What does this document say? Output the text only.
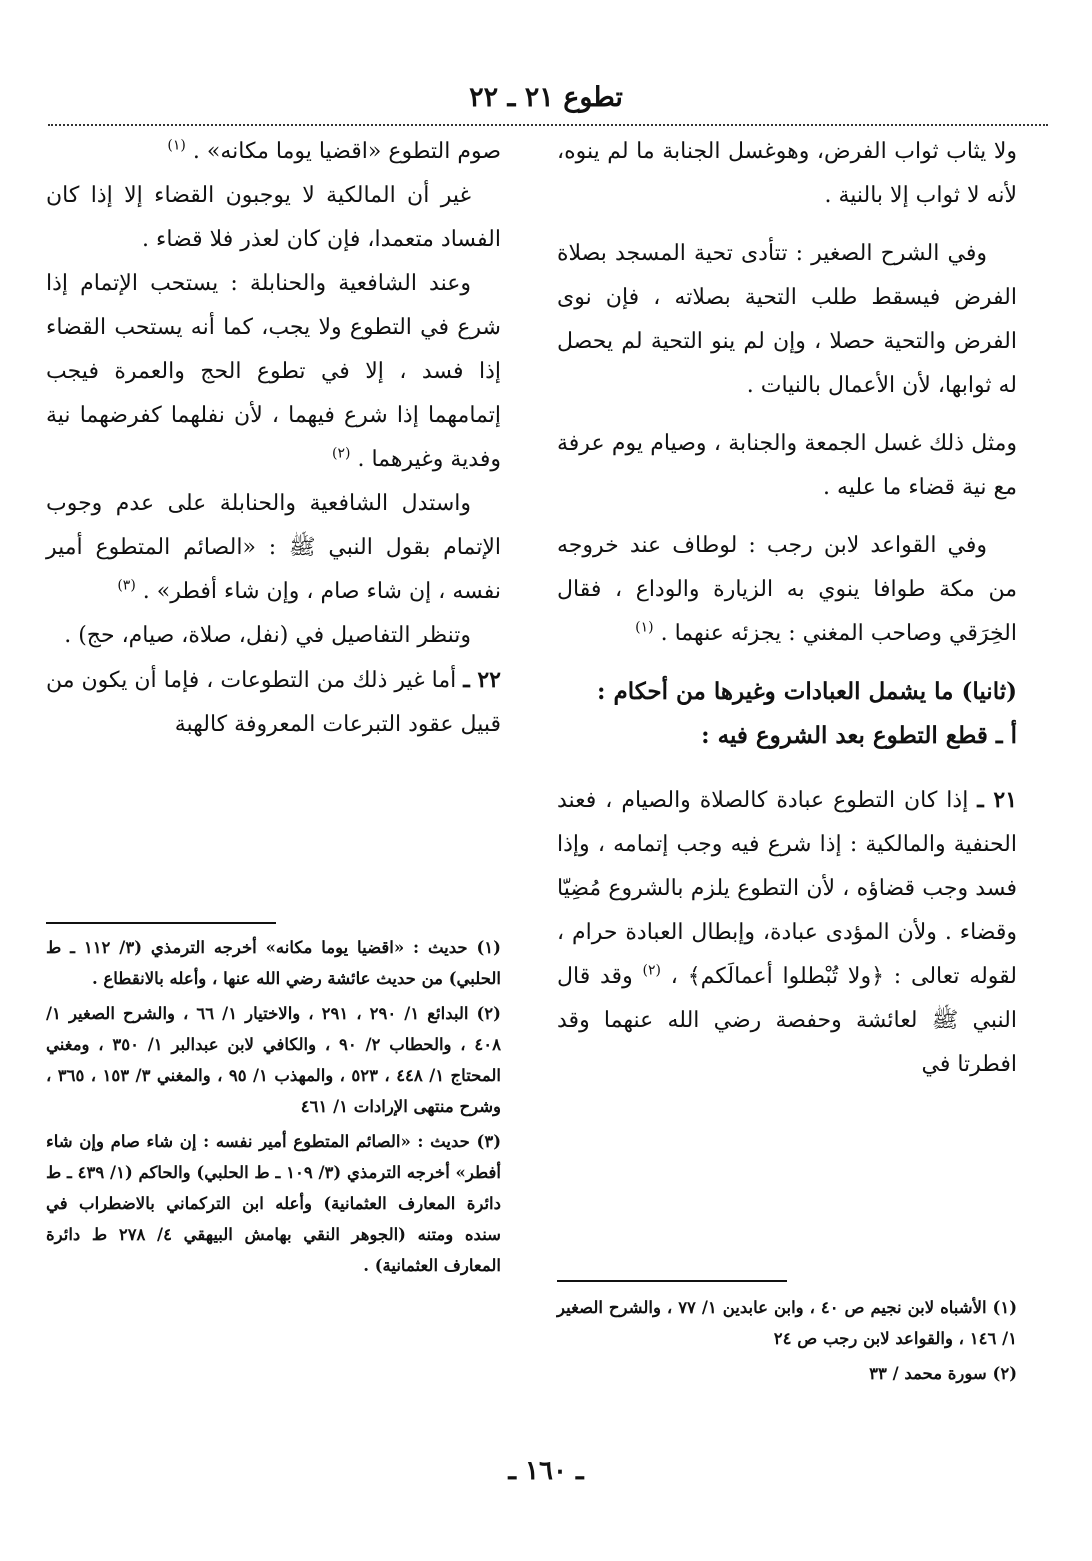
تطوع ٢١ ـ ٢٢

ولا يثاب ثواب الفرض، وهوغسل الجنابة ما لم ينوه، لأنه لا ثواب إلا بالنية .

وفي الشرح الصغير : تتأدى تحية المسجد بصلاة الفرض فيسقط طلب التحية بصلاته ، فإن نوى الفرض والتحية حصلا ، وإن لم ينو التحية لم يحصل له ثوابها، لأن الأعمال بالنيات .

ومثل ذلك غسل الجمعة والجنابة ، وصيام يوم عرفة مع نية قضاء ما عليه .

وفي القواعد لابن رجب : لوطاف عند خروجه من مكة طوافا ينوي به الزيارة والوداع ، فقال الخِرَقي وصاحب المغني : يجزئه عنهما . $^{(١)}$

(ثانيا) ما يشمل العبادات وغيرها من أحكام :
أ ـ قطع التطوع بعد الشروع فيه :

٢١ ـ إذا كان التطوع عبادة كالصلاة والصيام ، فعند الحنفية والمالكية : إذا شرع فيه وجب إتمامه ، وإذا فسد وجب قضاؤه ، لأن التطوع يلزم بالشروع مُضِيّا وقضاء . ولأن المؤدى عبادة، وإبطال العبادة حرام ، لقوله تعالى : ﴿ولا تُبْطلوا أعمالَكم﴾ ، $^{(٢)}$ وقد قال النبي ﷺ لعائشة وحفصة رضي الله عنهما وقد افطرتا في

صوم التطوع «اقضيا يوما مكانه» . $^{(١)}$

غير أن المالكية لا يوجبون القضاء إلا إذا كان الفساد متعمدا، فإن كان لعذر فلا قضاء .

وعند الشافعية والحنابلة : يستحب الإتمام إذا شرع في التطوع ولا يجب، كما أنه يستحب القضاء إذا فسد ، إلا في تطوع الحج والعمرة فيجب إتمامهما إذا شرع فيهما ، لأن نفلهما كفرضهما نية وفدية وغيرهما . $^{(٢)}$

واستدل الشافعية والحنابلة على عدم وجوب الإتمام بقول النبي ﷺ : «الصائم المتطوع أمير نفسه ، إن شاء صام ، وإن شاء أفطر» . $^{(٣)}$

وتنظر التفاصيل في (نفل، صلاة، صيام، حج) .

٢٢ ـ أما غير ذلك من التطوعات ، فإما أن يكون من قبيل عقود التبرعات المعروفة كالهبة

(١) حديث : «اقضيا يوما مكانه» أخرجه الترمذي (٣/ ١١٢ ـ ط الحلبي) من حديث عائشة رضي الله عنها ، وأعله بالانقطاع .

(٢) البدائع ١/ ٢٩٠ ، ٢٩١ ، والاختيار ١/ ٦٦ ، والشرح الصغير ١/ ٤٠٨ ، والحطاب ٢/ ٩٠ ، والكافي لابن عبدالبر ١/ ٣٥٠ ، ومغني المحتاج ١/ ٤٤٨ ، ٥٢٣ ، والمهذب ١/ ٩٥ ، والمغني ٣/ ١٥٣ ، ٣٦٥ ، وشرح منتهى الإرادات ١/ ٤٦١

(٣) حديث : «الصائم المتطوع أمير نفسه : إن شاء صام وإن شاء أفطر» أخرجه الترمذي (٣/ ١٠٩ ـ ط الحلبي) والحاكم (١/ ٤٣٩ ـ ط دائرة المعارف العثمانية) وأعله ابن التركماني بالاضطراب في سنده ومتنه (الجوهر النقي بهامش البيهقي ٤/ ٢٧٨ ط دائرة المعارف العثمانية) .

(١) الأشباه لابن نجيم ص ٤٠ ، وابن عابدين ١/ ٧٧ ، والشرح الصغير ١/ ١٤٦ ، والقواعد لابن رجب ص ٢٤

(٢) سورة محمد / ٣٣

ـ ١٦٠ ـ
